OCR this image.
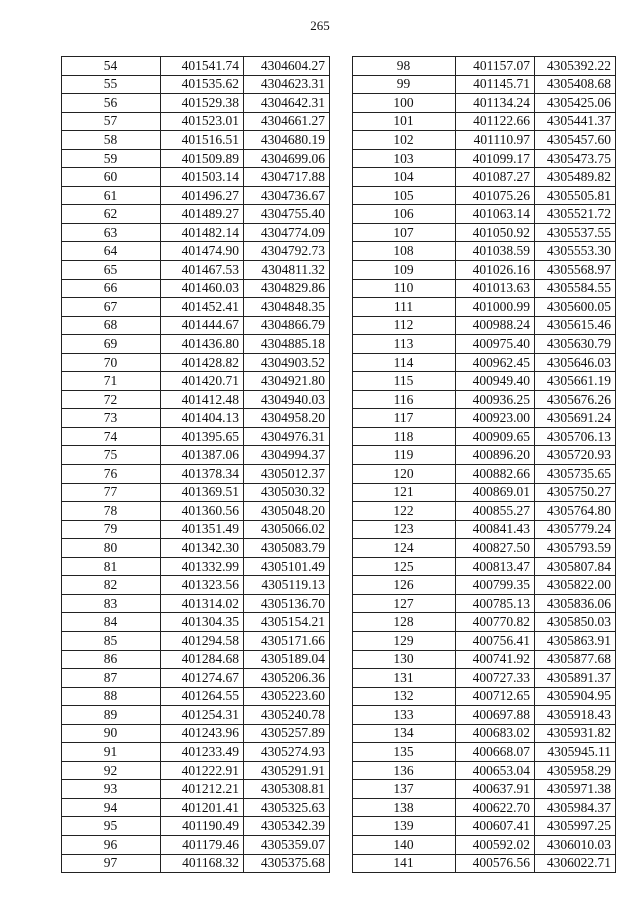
265
54	401541.74	4304604.27
55	401535.62	4304623.31
56	401529.38	4304642.31
57	401523.01	4304661.27
58	401516.51	4304680.19
59	401509.89	4304699.06
60	401503.14	4304717.88
61	401496.27	4304736.67
62	401489.27	4304755.40
63	401482.14	4304774.09
64	401474.90	4304792.73
65	401467.53	4304811.32
66	401460.03	4304829.86
67	401452.41	4304848.35
68	401444.67	4304866.79
69	401436.80	4304885.18
70	401428.82	4304903.52
71	401420.71	4304921.80
72	401412.48	4304940.03
73	401404.13	4304958.20
74	401395.65	4304976.31
75	401387.06	4304994.37
76	401378.34	4305012.37
77	401369.51	4305030.32
78	401360.56	4305048.20
79	401351.49	4305066.02
80	401342.30	4305083.79
81	401332.99	4305101.49
82	401323.56	4305119.13
83	401314.02	4305136.70
84	401304.35	4305154.21
85	401294.58	4305171.66
86	401284.68	4305189.04
87	401274.67	4305206.36
88	401264.55	4305223.60
89	401254.31	4305240.78
90	401243.96	4305257.89
91	401233.49	4305274.93
92	401222.91	4305291.91
93	401212.21	4305308.81
94	401201.41	4305325.63
95	401190.49	4305342.39
96	401179.46	4305359.07
97	401168.32	4305375.68
98	401157.07	4305392.22
99	401145.71	4305408.68
100	401134.24	4305425.06
101	401122.66	4305441.37
102	401110.97	4305457.60
103	401099.17	4305473.75
104	401087.27	4305489.82
105	401075.26	4305505.81
106	401063.14	4305521.72
107	401050.92	4305537.55
108	401038.59	4305553.30
109	401026.16	4305568.97
110	401013.63	4305584.55
111	401000.99	4305600.05
112	400988.24	4305615.46
113	400975.40	4305630.79
114	400962.45	4305646.03
115	400949.40	4305661.19
116	400936.25	4305676.26
117	400923.00	4305691.24
118	400909.65	4305706.13
119	400896.20	4305720.93
120	400882.66	4305735.65
121	400869.01	4305750.27
122	400855.27	4305764.80
123	400841.43	4305779.24
124	400827.50	4305793.59
125	400813.47	4305807.84
126	400799.35	4305822.00
127	400785.13	4305836.06
128	400770.82	4305850.03
129	400756.41	4305863.91
130	400741.92	4305877.68
131	400727.33	4305891.37
132	400712.65	4305904.95
133	400697.88	4305918.43
134	400683.02	4305931.82
135	400668.07	4305945.11
136	400653.04	4305958.29
137	400637.91	4305971.38
138	400622.70	4305984.37
139	400607.41	4305997.25
140	400592.02	4306010.03
141	400576.56	4306022.71
